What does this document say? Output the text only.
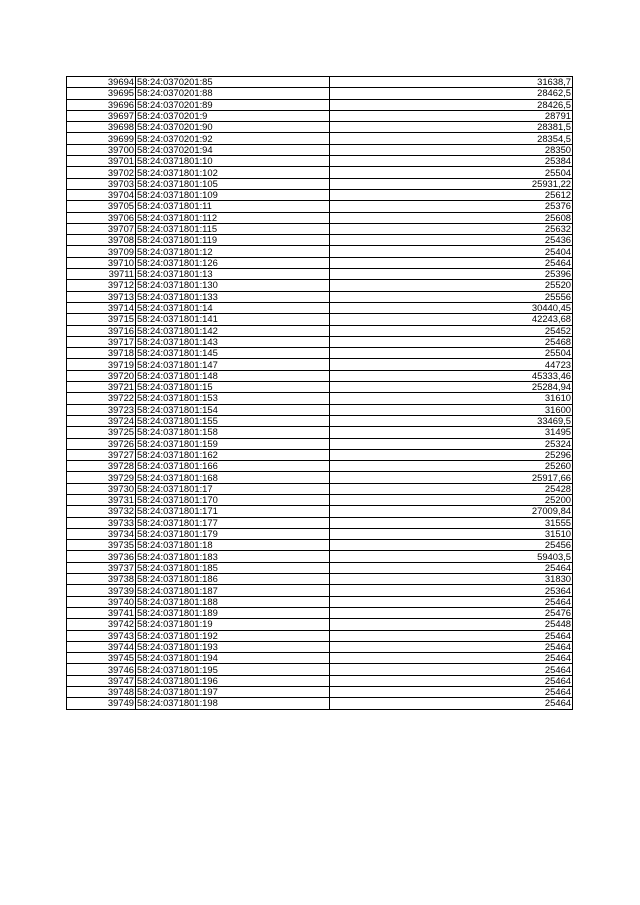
39694	58:24:0370201:85	31638,7
39695	58:24:0370201:88	28462,5
39696	58:24:0370201:89	28426,5
39697	58:24:0370201:9	28791
39698	58:24:0370201:90	28381,5
39699	58:24:0370201:92	28354,5
39700	58:24:0370201:94	28350
39701	58:24:0371801:10	25384
39702	58:24:0371801:102	25504
39703	58:24:0371801:105	25931,22
39704	58:24:0371801:109	25612
39705	58:24:0371801:11	25376
39706	58:24:0371801:112	25608
39707	58:24:0371801:115	25632
39708	58:24:0371801:119	25436
39709	58:24:0371801:12	25404
39710	58:24:0371801:126	25464
39711	58:24:0371801:13	25396
39712	58:24:0371801:130	25520
39713	58:24:0371801:133	25556
39714	58:24:0371801:14	30440,45
39715	58:24:0371801:141	42243,68
39716	58:24:0371801:142	25452
39717	58:24:0371801:143	25468
39718	58:24:0371801:145	25504
39719	58:24:0371801:147	44723
39720	58:24:0371801:148	45333,46
39721	58:24:0371801:15	25284,94
39722	58:24:0371801:153	31610
39723	58:24:0371801:154	31600
39724	58:24:0371801:155	33469,5
39725	58:24:0371801:158	31495
39726	58:24:0371801:159	25324
39727	58:24:0371801:162	25296
39728	58:24:0371801:166	25260
39729	58:24:0371801:168	25917,66
39730	58:24:0371801:17	25428
39731	58:24:0371801:170	25200
39732	58:24:0371801:171	27009,84
39733	58:24:0371801:177	31555
39734	58:24:0371801:179	31510
39735	58:24:0371801:18	25456
39736	58:24:0371801:183	59403,5
39737	58:24:0371801:185	25464
39738	58:24:0371801:186	31830
39739	58:24:0371801:187	25364
39740	58:24:0371801:188	25464
39741	58:24:0371801:189	25476
39742	58:24:0371801:19	25448
39743	58:24:0371801:192	25464
39744	58:24:0371801:193	25464
39745	58:24:0371801:194	25464
39746	58:24:0371801:195	25464
39747	58:24:0371801:196	25464
39748	58:24:0371801:197	25464
39749	58:24:0371801:198	25464
